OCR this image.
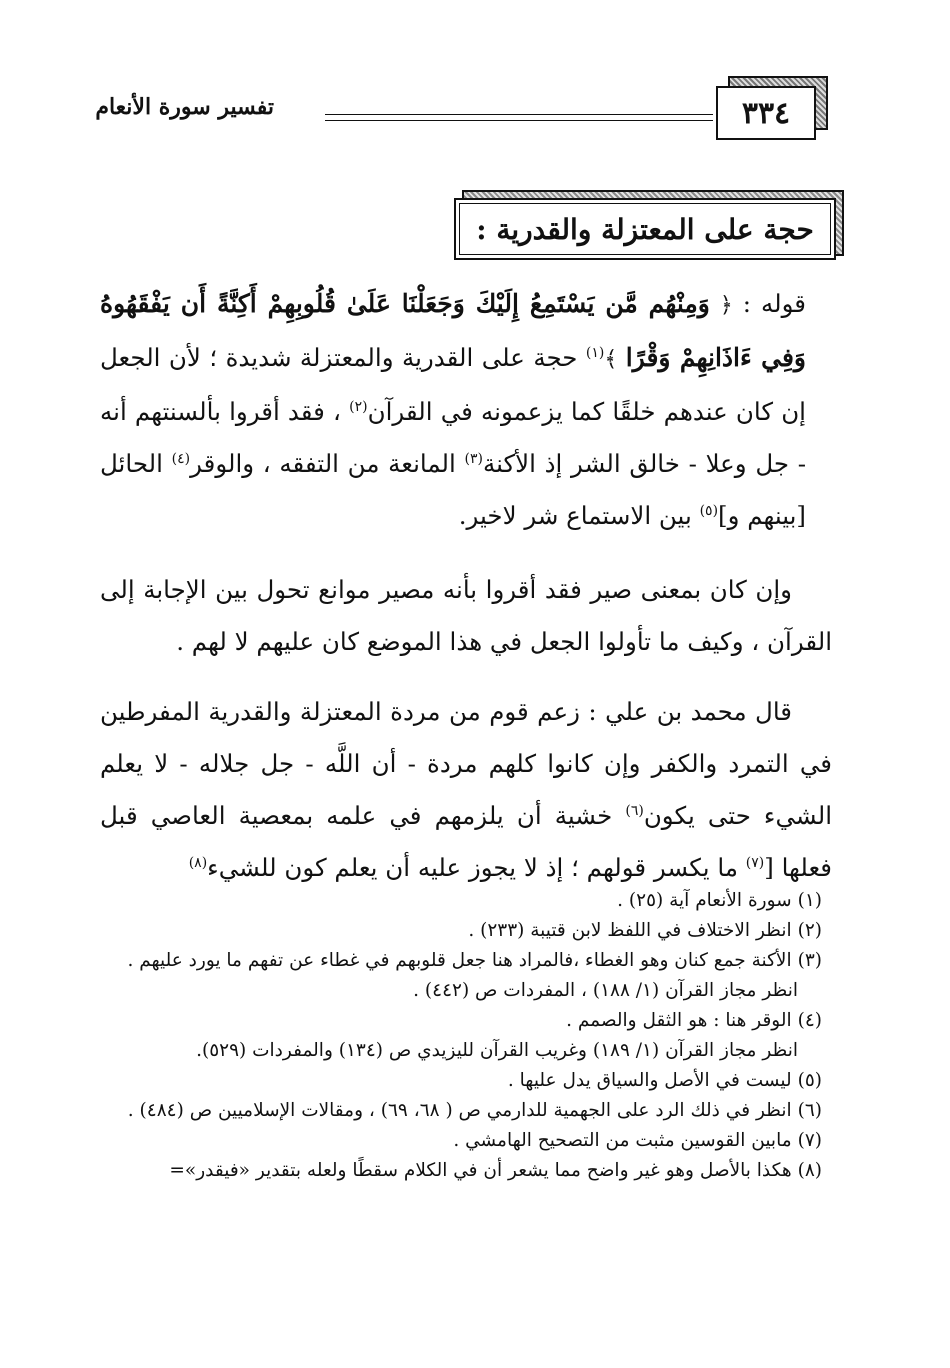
٣٣٤
تفسير سورة الأنعام
حجة على المعتزلة والقدرية :

قوله : ﴿ وَمِنْهُم مَّن يَسْتَمِعُ إِلَيْكَ وَجَعَلْنَا عَلَىٰ قُلُوبِهِمْ أَكِنَّةً أَن يَفْقَهُوهُ وَفِي ءَاذَانِهِمْ وَقْرًا ﴾$^{(١)}$ حجة على القدرية والمعتزلة شديدة ؛ لأن الجعل إن كان عندهم خلقًا كما يزعمونه في القرآن$^{(٢)}$ ، فقد أقروا بألسنتهم أنه - جل وعلا - خالق الشر إذ الأكنة$^{(٣)}$ المانعة من التفقه ، والوقر$^{(٤)}$ الحائل [بينهم و]$^{(٥)}$ بين الاستماع شر لاخير.

وإن كان بمعنى صير فقد أقروا بأنه مصير موانع تحول بين الإجابة إلى القرآن ، وكيف ما تأولوا الجعل في هذا الموضع كان عليهم لا لهم .

قال محمد بن علي : زعم قوم من مردة المعتزلة والقدرية المفرطين في التمرد والكفر وإن كانوا كلهم مردة - أن اللَّه - جل جلاله - لا يعلم الشيء حتى يكون$^{(٦)}$ خشية أن يلزمهم في علمه بمعصية العاصي قبل فعلها [$^{(٧)}$ ما يكسر قولهم ؛ إذ لا يجوز عليه أن يعلم كون للشيء$^{(٨)}$

(١)سورة الأنعام آية (٢٥) .

(٢)انظر الاختلاف في اللفظ لابن قتيبة (٢٣٣) .

(٣)الأكنة جمع كنان وهو الغطاء ،فالمراد هنا جعل قلوبهم في غطاء عن تفهم ما يورد عليهم .

انظر مجاز القرآن (١/ ١٨٨) ، المفردات ص (٤٤٢) .

(٤)الوقر هنا : هو الثقل والصمم .

انظر مجاز القرآن (١/ ١٨٩) وغريب القرآن لليزيدي ص (١٣٤) والمفردات (٥٢٩).

(٥)ليست في الأصل والسياق يدل عليها .

(٦)انظر في ذلك الرد على الجهمية للدارمي ص ( ٦٨، ٦٩) ، ومقالات الإسلاميين ص (٤٨٤) .

(٧)مابين القوسين مثبت من التصحيح الهامشي .

(٨)هكذا بالأصل وهو غير واضح مما يشعر أن في الكلام سقطًا ولعله بتقدير «فيقدر»=
